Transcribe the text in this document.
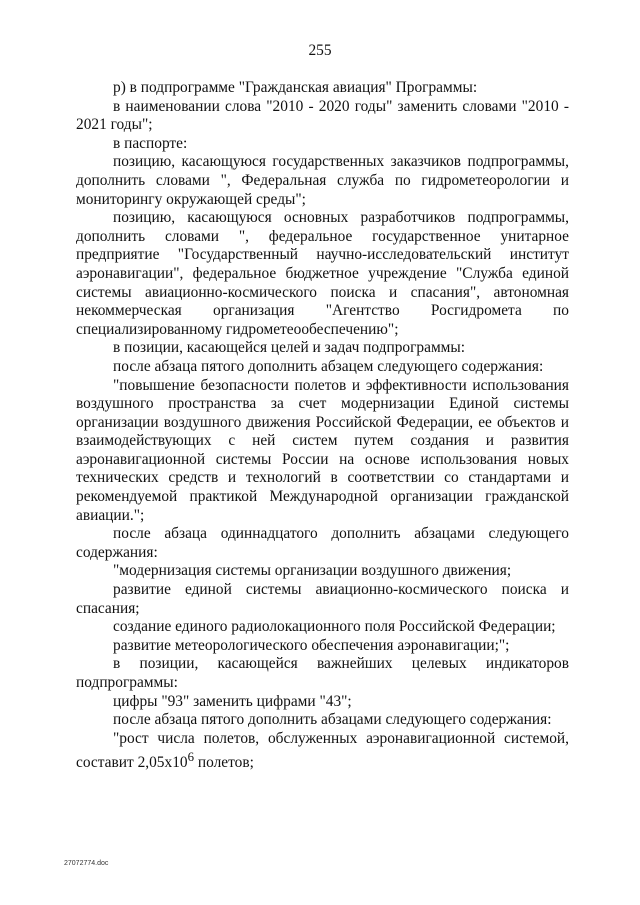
255

р) в подпрограмме "Гражданская авиация" Программы:

в наименовании слова "2010 - 2020 годы" заменить словами "2010 - 2021 годы";

в паспорте:

позицию, касающуюся государственных заказчиков подпрограммы, дополнить словами ", Федеральная служба по гидрометеорологии и мониторингу окружающей среды";

позицию, касающуюся основных разработчиков подпрограммы, дополнить словами ", федеральное государственное унитарное предприятие "Государственный научно-исследовательский институт аэронавигации", федеральное бюджетное учреждение "Служба единой системы авиационно-космического поиска и спасания", автономная некоммерческая организация "Агентство Росгидромета по специализированному гидрометеообеспечению";

в позиции, касающейся целей и задач подпрограммы:

после абзаца пятого дополнить абзацем следующего содержания:

"повышение безопасности полетов и эффективности использования воздушного пространства за счет модернизации Единой системы организации воздушного движения Российской Федерации, ее объектов и взаимодействующих с ней систем путем создания и развития аэронавигационной системы России на основе использования новых технических средств и технологий в соответствии со стандартами и рекомендуемой практикой Международной организации гражданской авиации.";

после абзаца одиннадцатого дополнить абзацами следующего содержания:

"модернизация системы организации воздушного движения;

развитие единой системы авиационно-космического поиска и спасания;

создание единого радиолокационного поля Российской Федерации;

развитие метеорологического обеспечения аэронавигации;";

в позиции, касающейся важнейших целевых индикаторов подпрограммы:

цифры "93" заменить цифрами "43";

после абзаца пятого дополнить абзацами следующего содержания:

"рост числа полетов, обслуженных аэронавигационной системой, составит $2,05х10^6$ полетов;

27072774.doc
